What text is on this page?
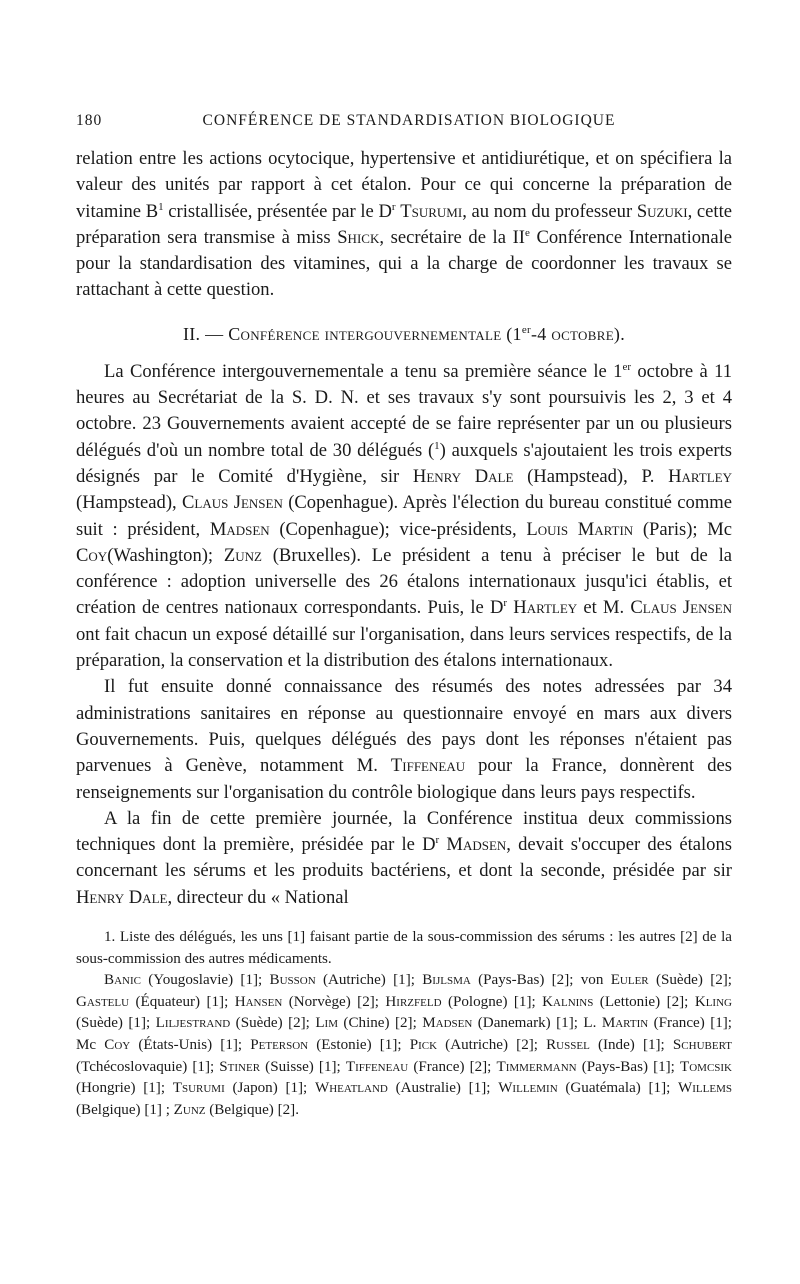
180	CONFÉRENCE DE STANDARDISATION BIOLOGIQUE

relation entre les actions ocytocique, hypertensive et antidiurétique, et on spécifiera la valeur des unités par rapport à cet étalon. Pour ce qui concerne la préparation de vitamine $B^1$ cristallisée, présentée par le $D^r$ Tsurumi, au nom du professeur Suzuki, cette préparation sera transmise à miss Shick, secrétaire de la IIe Conférence Internationale pour la standardisation des vitamines, qui a la charge de coordonner les travaux se rattachant à cette question.

II. — Conférence intergouvernementale (1er-4 octobre).

La Conférence intergouvernementale a tenu sa première séance le 1er octobre à 11 heures au Secrétariat de la S. D. N. et ses travaux s'y sont poursuivis les 2, 3 et 4 octobre. 23 Gouvernements avaient accepté de se faire représenter par un ou plusieurs délégués d'où un nombre total de 30 délégués ($^1$) auxquels s'ajoutaient les trois experts désignés par le Comité d'Hygiène, sir Henry Dale (Hampstead), P. Hartley (Hampstead), Claus Jensen (Copenhague). Après l'élection du bureau constitué comme suit : président, Madsen (Copenhague); vice-présidents, Louis Martin (Paris); Mc Coy(Washington); Zunz (Bruxelles). Le président a tenu à préciser le but de la conférence : adoption universelle des 26 étalons internationaux jusqu'ici établis, et création de centres nationaux correspondants. Puis, le $D^r$ Hartley et M. Claus Jensen ont fait chacun un exposé détaillé sur l'organisation, dans leurs services respectifs, de la préparation, la conservation et la distribution des étalons internationaux.

Il fut ensuite donné connaissance des résumés des notes adressées par 34 administrations sanitaires en réponse au questionnaire envoyé en mars aux divers Gouvernements. Puis, quelques délégués des pays dont les réponses n'étaient pas parvenues à Genève, notamment M. Tiffeneau pour la France, donnèrent des renseignements sur l'organisation du contrôle biologique dans leurs pays respectifs.

A la fin de cette première journée, la Conférence institua deux commissions techniques dont la première, présidée par le $D^r$ Madsen, devait s'occuper des étalons concernant les sérums et les produits bactériens, et dont la seconde, présidée par sir Henry Dale, directeur du « National

1. Liste des délégués, les uns [1] faisant partie de la sous-commission des sérums : les autres [2] de la sous-commission des autres médicaments.

Banic (Yougoslavie) [1]; Busson (Autriche) [1]; Bijlsma (Pays-Bas) [2]; von Euler (Suède) [2]; Gastelu (Équateur) [1]; Hansen (Norvège) [2]; Hirzfeld (Pologne) [1]; Kalnins (Lettonie) [2]; Kling (Suède) [1]; Liljestrand (Suède) [2]; Lim (Chine) [2]; Madsen (Danemark) [1]; L. Martin (France) [1]; Mc Coy (États-Unis) [1]; Peterson (Estonie) [1]; Pick (Autriche) [2]; Russel (Inde) [1]; Schubert (Tchécoslovaquie) [1]; Stiner (Suisse) [1]; Tiffeneau (France) [2]; Timmermann (Pays-Bas) [1]; Tomcsik (Hongrie) [1]; Tsurumi (Japon) [1]; Wheatland (Australie) [1]; Willemin (Guatémala) [1]; Willems (Belgique) [1] ; Zunz (Belgique) [2].
